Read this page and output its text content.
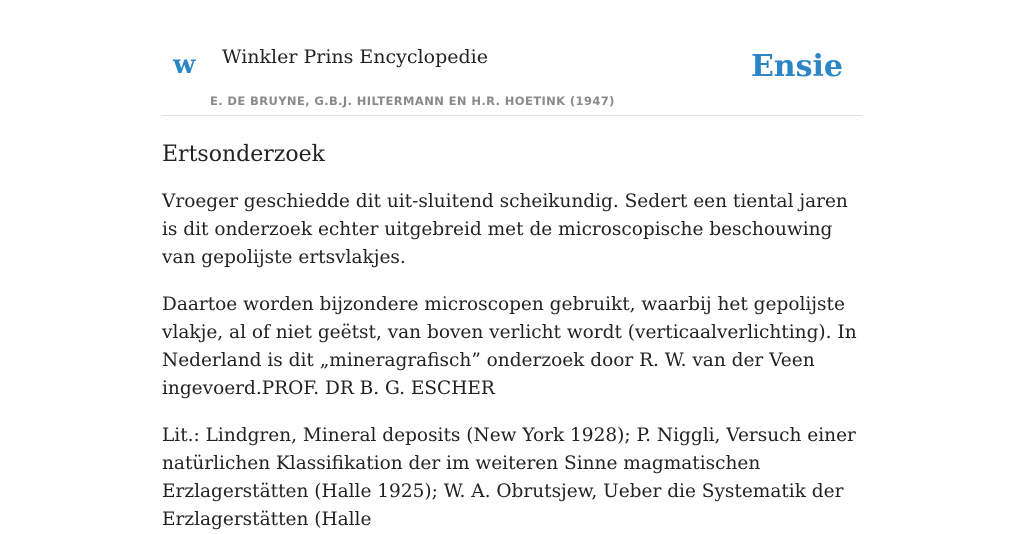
w Winkler Prins Encyclopedie
E. DE BRUYNE, G.B.J. HILTERMANN EN H.R. HOETINK (1947)
Ensie
Ertsonderzoek

Vroeger geschiedde dit uit-sluitend scheikundig. Sedert een tiental jaren is dit onderzoek echter uitgebreid met de microscopische beschouwing van gepolijste ertsvlakjes.

Daartoe worden bijzondere microscopen gebruikt, waarbij het gepolijste vlakje, al of niet geëtst, van boven verlicht wordt (verticaalverlichting). In Nederland is dit „mineragrafisch” onderzoek door R. W. van der Veen ingevoerd.PROF. DR B. G. ESCHER

Lit.: Lindgren, Mineral deposits (New York 1928); P. Niggli, Versuch einer natürlichen Klassifikation der im weiteren Sinne magmatischen Erzlagerstätten (Halle 1925); W. A. Obrutsjew, Ueber die Systematik der Erzlagerstätten (Halle
